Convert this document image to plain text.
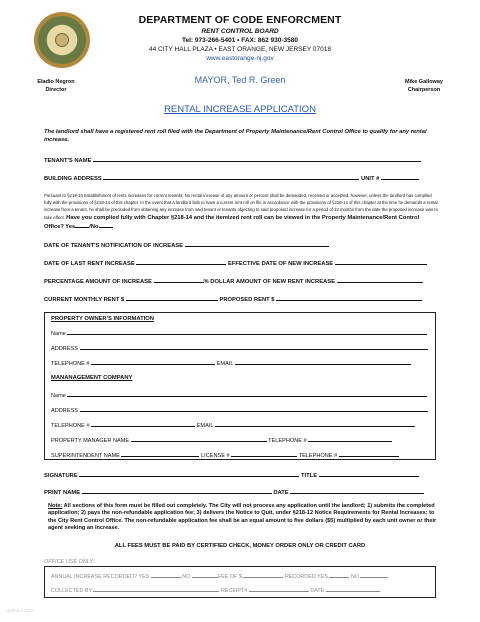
DEPARTMENT OF CODE ENFORCMENT
RENT CONTROL BOARD
Tel: 973-266-5401 • FAX: 862 930-3580
44 CITY HALL PLAZA • EAST ORANGE, NEW JERSEY 07018
www.eastorange-nj.gov
Eladio Negron
Director
MAYOR, Ted R. Green	Mike Galloway
Chairperson
RENTAL INCREASE APPLICATION
The landlord shall have a registered rent roll filed with the Department of Property Maintenance/Rent Control Office to qualify for any rental increase.
TENANT'S NAME
BUILDING ADDRESS	UNIT #
Pursuant to §218-10 Establishment of rents increases for current tenants; No rental increase of any amount or percent shall be demanded, received or accepted, however, unless the landlord has complied fully with the provisions of §218-14 of this chapter. In the event that a landlord fails to have a current rent roll on file in accordance with the provisions of §218-14 of this chapter at the time he demands a rental increase from a tenant, he shall be precluded from obtaining any increase from said tenant or tenants objecting to said proposed increase for a period of 12 months from the date the proposed increase was to take effect. Have you complied fully with Chapter §218-14 and the itemized rent roll can be viewed in the Property Maintenance/Rent Control Office? Yes /No
DATE OF TENANT'S NOTIFICATION OF INCREASE
DATE OF LAST RENT INCREASE	EFFECTIVE DATE OF NEW INCREASE
PERCENTAGE AMOUNT OF INCREASE	% DOLLAR AMOUNT OF NEW RENT INCREASE
CURRENT MONTHLY RENT $	PROPOSED RENT $
PROPERTY OWNER'S INFORMATION
Name
ADDRESS
TELEPHONE #	EMAIL
MANANAGEMENT COMPANY
Name
ADDRESS
TELEPHONE #	EMAIL
PROPERTY MANAGER NAME	TELEPHONE #
SUPERINTENDENT NAME	LICENSE #	TELEPHONE #
SIGNATURE	TITLE
PRINT NAME	DATE
Note: All sections of this form must be filled out completely. The City will not process any application until the landlord; 1) submits the completed application; 2) pays the non-refundable application fee; 3) delivers the Notice to Quit, under §218-12 Notice Requirements for Rental Increases; to the City Rent Control Office. The non-refundable application fee shall be an equal amount to five dollars ($5) multiplied by each unit owner or their agent seeking an increase.
ALL FEES MUST BE PAID BY CERTIFIED CHECK, MONEY ORDER ONLY OR CREDIT CARD
OFFICE USE ONLY:
ANNUAL INCREASE RECORDED? YES	NO	FEE OF $	RECORDED YES	NO
COLLECTED BY	RECEIPT#	DATE
Updated 2017
